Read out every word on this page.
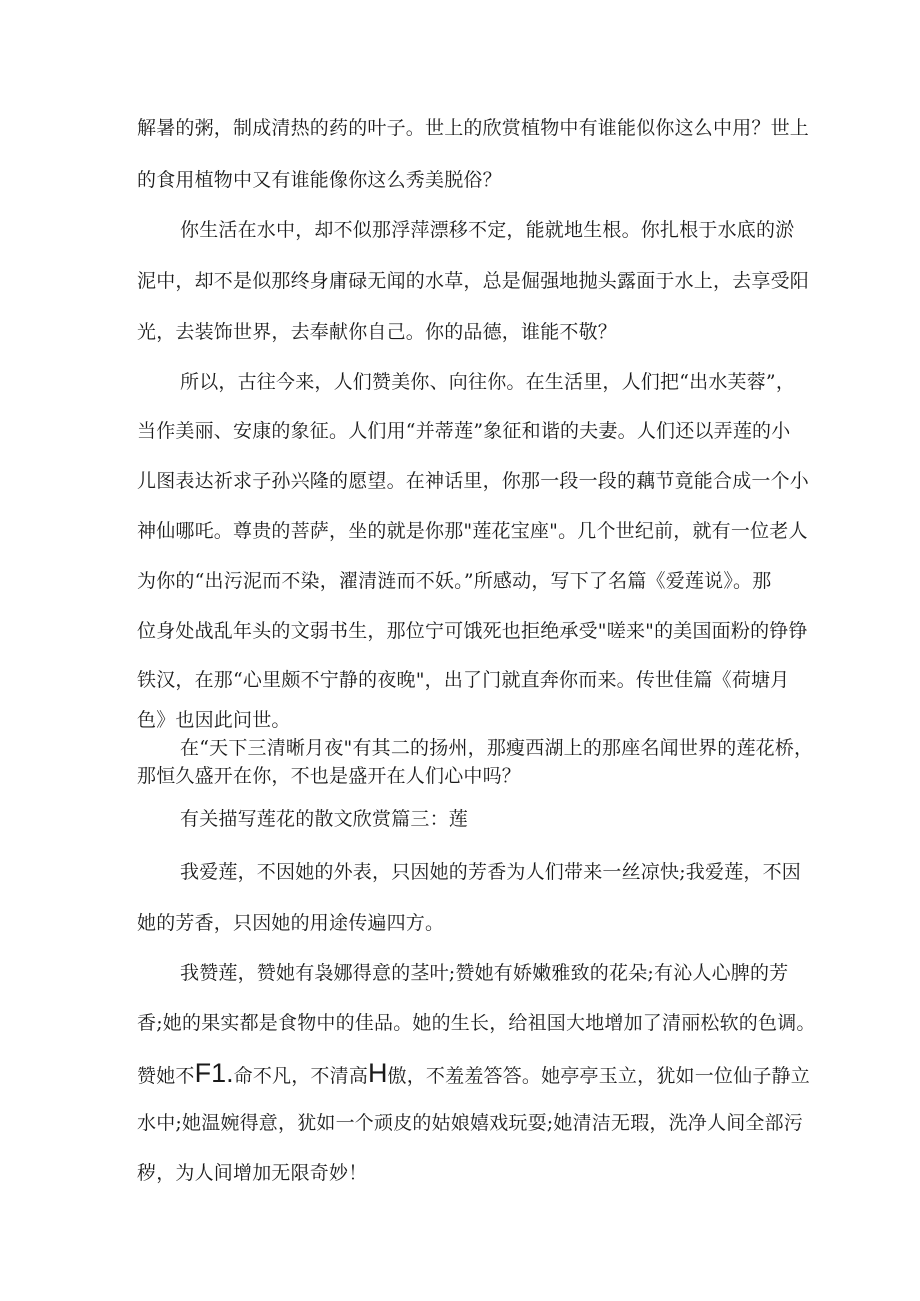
解暑的粥，制成清热的药的叶子。世上的欣赏植物中有谁能似你这么中用？世上
的食用植物中又有谁能像你这么秀美脱俗？
你生活在水中，却不似那浮萍漂移不定，能就地生根。你扎根于水底的淤
泥中，却不是似那终身庸碌无闻的水草，总是倔强地抛头露面于水上，去享受阳
光，去装饰世界，去奉献你自己。你的品德，谁能不敬？
所以，古往今来，人们赞美你、向往你。在生活里，人们把“出水芙蓉”，
当作美丽、安康的象征。人们用“并蒂莲”象征和谐的夫妻。人们还以弄莲的小
儿图表达祈求子孙兴隆的愿望。在神话里，你那一段一段的藕节竟能合成一个小
神仙哪吒。尊贵的菩萨，坐的就是你那"莲花宝座"。几个世纪前，就有一位老人
为你的“出污泥而不染，濯清涟而不妖。”所感动，写下了名篇《爱莲说》。那
位身处战乱年头的文弱书生，那位宁可饿死也拒绝承受"嗟来"的美国面粉的铮铮
铁汉，在那“心里颇不宁静的夜晚"，出了门就直奔你而来。传世佳篇《荷塘月
色》也因此问世。
在“天下三清晰月夜"有其二的扬州，那瘦西湖上的那座名闻世界的莲花桥，
那恒久盛开在你，不也是盛开在人们心中吗？
有关描写莲花的散文欣赏篇三：莲
我爱莲，不因她的外表，只因她的芳香为人们带来一丝凉快;我爱莲，不因
她的芳香，只因她的用途传遍四方。
我赞莲，赞她有袅娜得意的茎叶;赞她有娇嫩雅致的花朵;有沁人心脾的芳
香;她的果实都是食物中的佳品。她的生长，给祖国大地增加了清丽松软的色调。
赞她不F1.命不凡，不清高H傲，不羞羞答答。她亭亭玉立，犹如一位仙子静立
水中;她温婉得意，犹如一个顽皮的姑娘嬉戏玩耍;她清洁无瑕，洗净人间全部污
秽，为人间增加无限奇妙！
